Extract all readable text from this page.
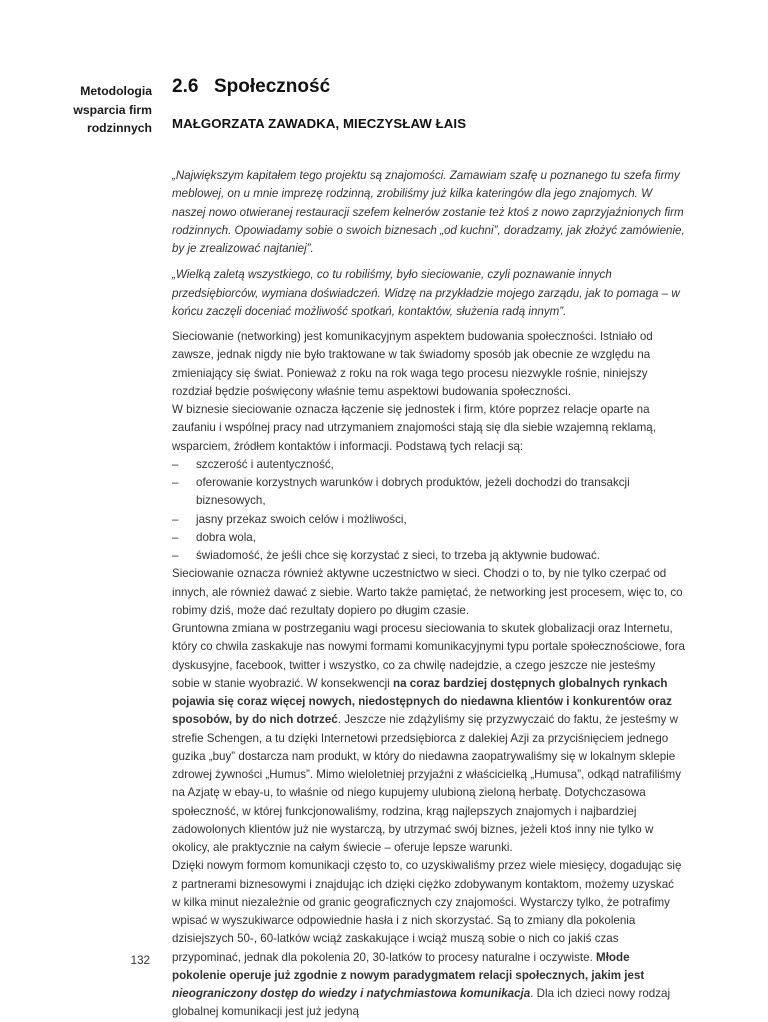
Metodologia
wsparcia firm
rodzinnych
2.6 Społeczność
MAŁGORZATA ZAWADKA, MIECZYSŁAW ŁAIS

„Największym kapitałem tego projektu są znajomości. Zamawiam szafę u poznanego tu szefa firmy meblowej, on u mnie imprezę rodzinną, zrobiliśmy już kilka kateringów dla jego znajomych. W naszej nowo otwieranej restauracji szefem kelnerów zostanie też ktoś z nowo zaprzyjaźnionych firm rodzinnych. Opowiadamy sobie o swoich biznesach „od kuchni”, doradzamy, jak złożyć zamówienie, by je zrealizować najtaniej”.

„Wielką zaletą wszystkiego, co tu robiliśmy, było sieciowanie, czyli poznawanie innych przedsiębiorców, wymiana doświadczeń. Widzę na przykładzie mojego zarządu, jak to pomaga – w końcu zaczęli doceniać możliwość spotkań, kontaktów, służenia radą innym”.

Sieciowanie (networking) jest komunikacyjnym aspektem budowania społeczności. Istniało od zawsze, jednak nigdy nie było traktowane w tak świadomy sposób jak obecnie ze względu na zmieniający się świat. Ponieważ z roku na rok waga tego procesu niezwykle rośnie, niniejszy rozdział będzie poświęcony właśnie temu aspektowi budowania społeczności.

W biznesie sieciowanie oznacza łączenie się jednostek i firm, które poprzez relacje oparte na zaufaniu i wspólnej pracy nad utrzymaniem znajomości stają się dla siebie wzajemną reklamą, wsparciem, źródłem kontaktów i informacji. Podstawą tych relacji są:

–	szczerość i autentyczność,
–	oferowanie korzystnych warunków i dobrych produktów, jeżeli dochodzi do transakcji biznesowych,
–	jasny przekaz swoich celów i możliwości,
–	dobra wola,
–	świadomość, że jeśli chce się korzystać z sieci, to trzeba ją aktywnie budować.

Sieciowanie oznacza również aktywne uczestnictwo w sieci. Chodzi o to, by nie tylko czerpać od innych, ale również dawać z siebie. Warto także pamiętać, że networking jest procesem, więc to, co robimy dziś, może dać rezultaty dopiero po długim czasie.

Gruntowna zmiana w postrzeganiu wagi procesu sieciowania to skutek globalizacji oraz Internetu, który co chwila zaskakuje nas nowymi formami komunikacyjnymi typu portale społecznościowe, fora dyskusyjne, facebook, twitter i wszystko, co za chwilę nadejdzie, a czego jeszcze nie jesteśmy sobie w stanie wyobrazić. W konsekwencji na coraz bardziej dostępnych globalnych rynkach pojawia się coraz więcej nowych, niedostępnych do niedawna klientów i konkurentów oraz sposobów, by do nich dotrzeć. Jeszcze nie zdążyliśmy się przyzwyczaić do faktu, że jesteśmy w strefie Schengen, a tu dzięki Internetowi przedsiębiorca z dalekiej Azji za przyciśnięciem jednego guzika „buy” dostarcza nam produkt, w który do niedawna zaopatrywaliśmy się w lokalnym sklepie zdrowej żywności „Humus”. Mimo wieloletniej przyjaźni z właścicielką „Humusa”, odkąd natrafiliśmy na Azjatę w ebay-u, to właśnie od niego kupujemy ulubioną zieloną herbatę. Dotychczasowa społeczność, w której funkcjonowaliśmy, rodzina, krąg najlepszych znajomych i najbardziej zadowolonych klientów już nie wystarczą, by utrzymać swój biznes, jeżeli ktoś inny nie tylko w okolicy, ale praktycznie na całym świecie – oferuje lepsze warunki.

Dzięki nowym formom komunikacji często to, co uzyskiwaliśmy przez wiele miesięcy, dogadując się z partnerami biznesowymi i znajdując ich dzięki ciężko zdobywanym kontaktom, możemy uzyskać w kilka minut niezależnie od granic geograficznych czy znajomości. Wystarczy tylko, że potrafimy wpisać w wyszukiwarce odpowiednie hasła i z nich skorzystać. Są to zmiany dla pokolenia dzisiejszych 50-, 60-latków wciąż zaskakujące i wciąż muszą sobie o nich co jakiś czas przypominać, jednak dla pokolenia 20, 30-latków to procesy naturalne i oczywiste. Młode pokolenie operuje już zgodnie z nowym paradygmatem relacji społecznych, jakim jest nieograniczony dostęp do wiedzy i natychmiastowa komunikacja. Dla ich dzieci nowy rodzaj globalnej komunikacji jest już jedyną

132
